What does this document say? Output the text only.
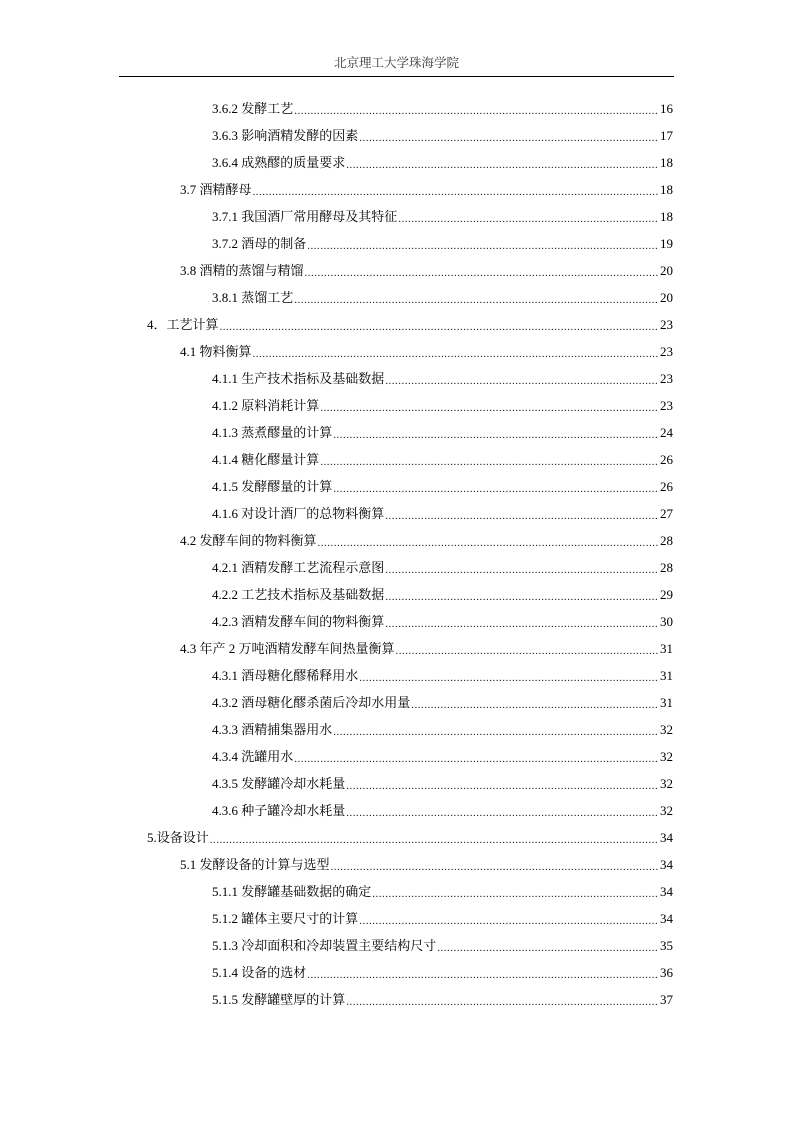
北京理工大学珠海学院
3.6.2 发酵工艺 .....	16
3.6.3 影响酒精发酵的因素 .....	17
3.6.4 成熟醪的质量要求 .....	18
3.7 酒精酵母 .....	18
3.7.1 我国酒厂常用酵母及其特征 .....	18
3.7.2 酒母的制备 .....	19
3.8 酒精的蒸馏与精馏 .....	20
3.8.1 蒸馏工艺 .....	20
4．工艺计算 .....	23
4.1 物料衡算 .....	23
4.1.1 生产技术指标及基础数据 .....	23
4.1.2 原料消耗计算 .....	23
4.1.3 蒸煮醪量的计算 .....	24
4.1.4 糖化醪量计算 .....	26
4.1.5 发酵醪量的计算 .....	26
4.1.6 对设计酒厂的总物料衡算 .....	27
4.2 发酵车间的物料衡算 .....	28
4.2.1 酒精发酵工艺流程示意图 .....	28
4.2.2 工艺技术指标及基础数据 .....	29
4.2.3 酒精发酵车间的物料衡算 .....	30
4.3 年产 2 万吨酒精发酵车间热量衡算 .....	31
4.3.1 酒母糖化醪稀释用水 .....	31
4.3.2 酒母糖化醪杀菌后冷却水用量 .....	31
4.3.3 酒精捕集器用水 .....	32
4.3.4 洗罐用水 .....	32
4.3.5 发酵罐冷却水耗量 .....	32
4.3.6 种子罐冷却水耗量 .....	32
5.设备设计 .....	34
5.1 发酵设备的计算与选型 .....	34
5.1.1 发酵罐基础数据的确定 .....	34
5.1.2 罐体主要尺寸的计算 .....	34
5.1.3 冷却面积和冷却装置主要结构尺寸 .....	35
5.1.4 设备的选材 .....	36
5.1.5 发酵罐壁厚的计算 .....	37
